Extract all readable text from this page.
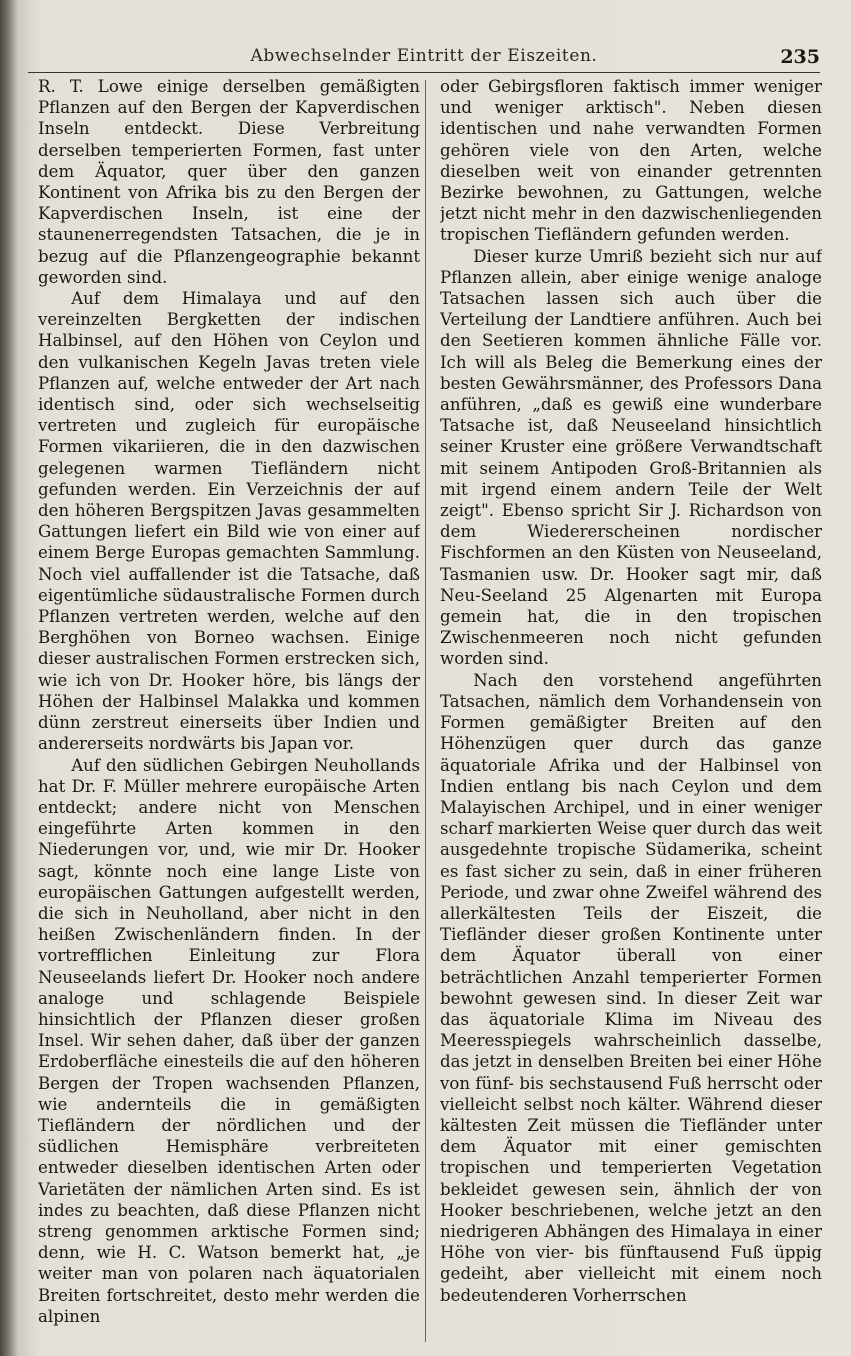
Abwechselnder Eintritt der Eiszeiten.	235

R. T. Lowe einige derselben gemäßigten Pflanzen auf den Bergen der Kapverdischen Inseln entdeckt. Diese Verbreitung derselben temperierten Formen, fast unter dem Äquator, quer über den ganzen Kontinent von Afrika bis zu den Bergen der Kapverdischen Inseln, ist eine der staunenerregendsten Tatsachen, die je in bezug auf die Pflanzengeographie bekannt geworden sind.

Auf dem Himalaya und auf den vereinzelten Bergketten der indischen Halbinsel, auf den Höhen von Ceylon und den vulkanischen Kegeln Javas treten viele Pflanzen auf, welche entweder der Art nach identisch sind, oder sich wechselseitig vertreten und zugleich für europäische Formen vikariieren, die in den dazwischen gelegenen warmen Tiefländern nicht gefunden werden. Ein Verzeichnis der auf den höheren Bergspitzen Javas gesammelten Gattungen liefert ein Bild wie von einer auf einem Berge Europas gemachten Sammlung. Noch viel auffallender ist die Tatsache, daß eigentümliche südaustralische Formen durch Pflanzen vertreten werden, welche auf den Berghöhen von Borneo wachsen. Einige dieser australischen Formen erstrecken sich, wie ich von Dr. Hooker höre, bis längs der Höhen der Halbinsel Malakka und kommen dünn zerstreut einerseits über Indien und andererseits nordwärts bis Japan vor.

Auf den südlichen Gebirgen Neuhollands hat Dr. F. Müller mehrere europäische Arten entdeckt; andere nicht von Menschen eingeführte Arten kommen in den Niederungen vor, und, wie mir Dr. Hooker sagt, könnte noch eine lange Liste von europäischen Gattungen aufgestellt werden, die sich in Neuholland, aber nicht in den heißen Zwischenländern finden. In der vortrefflichen Einleitung zur Flora Neuseelands liefert Dr. Hooker noch andere analoge und schlagende Beispiele hinsichtlich der Pflanzen dieser großen Insel. Wir sehen daher, daß über der ganzen Erdoberfläche einesteils die auf den höheren Bergen der Tropen wachsenden Pflanzen, wie andernteils die in gemäßigten Tiefländern der nördlichen und der südlichen Hemisphäre verbreiteten entweder dieselben identischen Arten oder Varietäten der nämlichen Arten sind. Es ist indes zu beachten, daß diese Pflanzen nicht streng genommen arktische Formen sind; denn, wie H. C. Watson bemerkt hat, „je weiter man von polaren nach äquatorialen Breiten fortschreitet, desto mehr werden die alpinen

oder Gebirgsfloren faktisch immer weniger und weniger arktisch". Neben diesen identischen und nahe verwandten Formen gehören viele von den Arten, welche dieselben weit von einander getrennten Bezirke bewohnen, zu Gattungen, welche jetzt nicht mehr in den dazwischenliegenden tropischen Tiefländern gefunden werden.

Dieser kurze Umriß bezieht sich nur auf Pflanzen allein, aber einige wenige analoge Tatsachen lassen sich auch über die Verteilung der Landtiere anführen. Auch bei den Seetieren kommen ähnliche Fälle vor. Ich will als Beleg die Bemerkung eines der besten Gewährsmänner, des Professors Dana anführen, „daß es gewiß eine wunderbare Tatsache ist, daß Neuseeland hinsichtlich seiner Kruster eine größere Verwandtschaft mit seinem Antipoden Groß-Britannien als mit irgend einem andern Teile der Welt zeigt". Ebenso spricht Sir J. Richardson von dem Wiedererscheinen nordischer Fischformen an den Küsten von Neuseeland, Tasmanien usw. Dr. Hooker sagt mir, daß Neu-Seeland 25 Algenarten mit Europa gemein hat, die in den tropischen Zwischenmeeren noch nicht gefunden worden sind.

Nach den vorstehend angeführten Tatsachen, nämlich dem Vorhandensein von Formen gemäßigter Breiten auf den Höhenzügen quer durch das ganze äquatoriale Afrika und der Halbinsel von Indien entlang bis nach Ceylon und dem Malayischen Archipel, und in einer weniger scharf markierten Weise quer durch das weit ausgedehnte tropische Südamerika, scheint es fast sicher zu sein, daß in einer früheren Periode, und zwar ohne Zweifel während des allerkältesten Teils der Eiszeit, die Tiefländer dieser großen Kontinente unter dem Äquator überall von einer beträchtlichen Anzahl temperierter Formen bewohnt gewesen sind. In dieser Zeit war das äquatoriale Klima im Niveau des Meeresspiegels wahrscheinlich dasselbe, das jetzt in denselben Breiten bei einer Höhe von fünf- bis sechstausend Fuß herrscht oder vielleicht selbst noch kälter. Während dieser kältesten Zeit müssen die Tiefländer unter dem Äquator mit einer gemischten tropischen und temperierten Vegetation bekleidet gewesen sein, ähnlich der von Hooker beschriebenen, welche jetzt an den niedrigeren Abhängen des Himalaya in einer Höhe von vier- bis fünftausend Fuß üppig gedeiht, aber vielleicht mit einem noch bedeutenderen Vorherrschen
